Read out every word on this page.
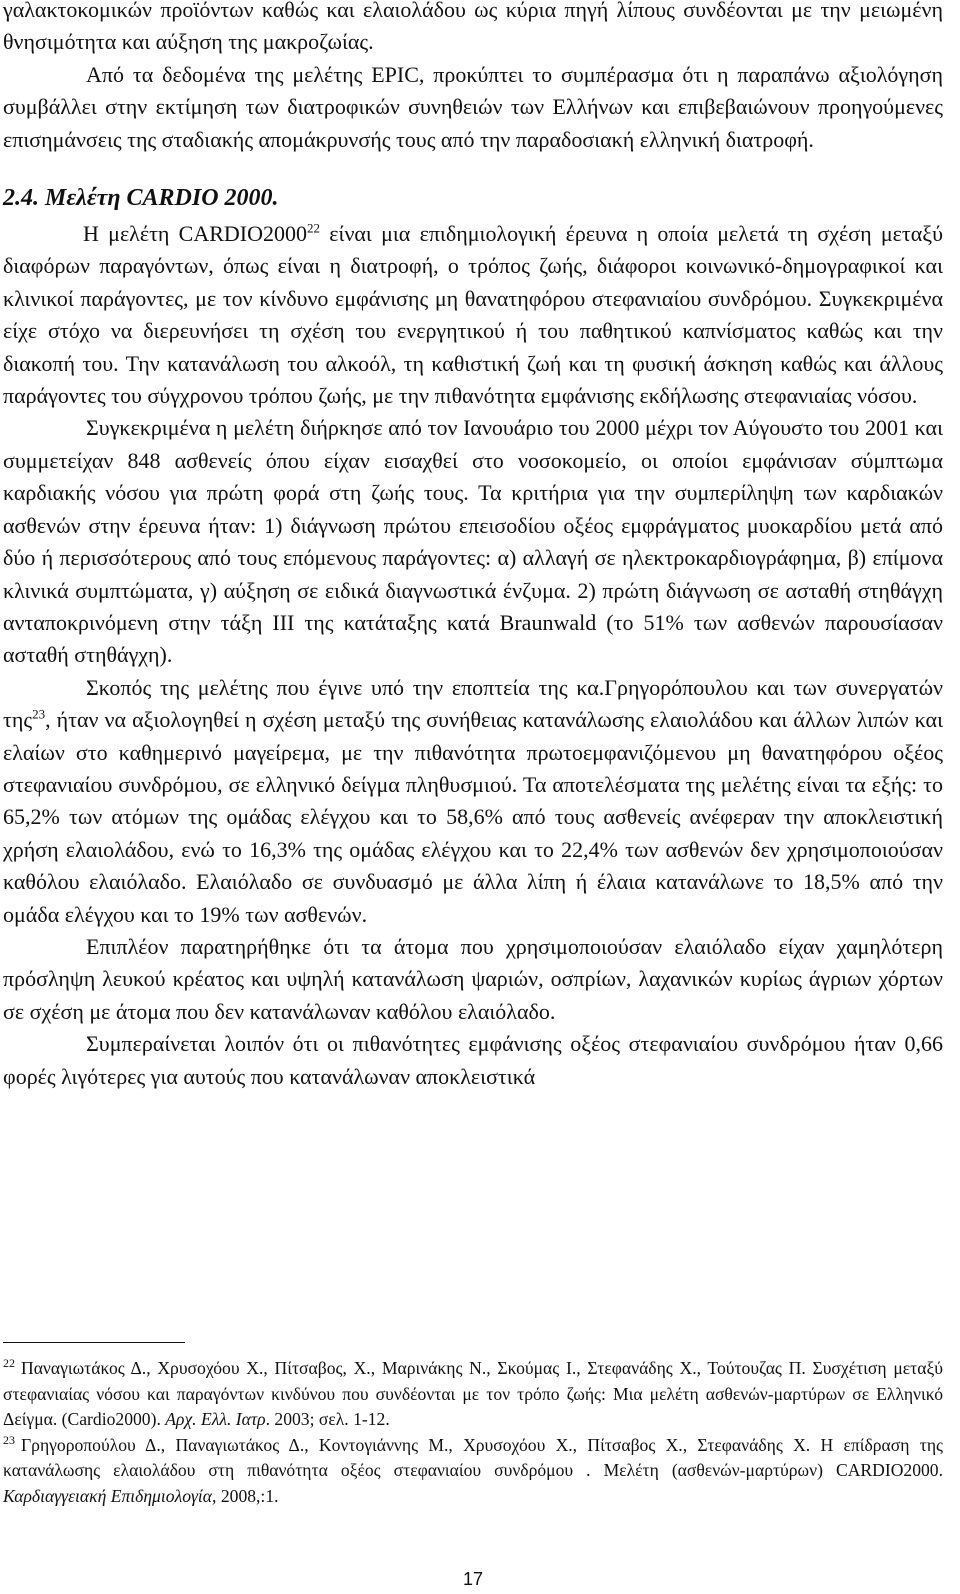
γαλακτοκομικών προϊόντων καθώς και ελαιολάδου ως κύρια πηγή λίπους συνδέονται με την μειωμένη θνησιμότητα και αύξηση της μακροζωίας.

Από τα δεδομένα της μελέτης EPIC, προκύπτει το συμπέρασμα ότι η παραπάνω αξιολόγηση συμβάλλει στην εκτίμηση των διατροφικών συνηθειών των Ελλήνων και επιβεβαιώνουν προηγούμενες επισημάνσεις της σταδιακής απομάκρυνσής τους από την παραδοσιακή ελληνική διατροφή.

2.4. Μελέτη CARDIO 2000.

Η μελέτη CARDIO2000$^{22}$ είναι μια επιδημιολογική έρευνα η οποία μελετά τη σχέση μεταξύ διαφόρων παραγόντων, όπως είναι η διατροφή, ο τρόπος ζωής, διάφοροι κοινωνικό-δημογραφικοί και κλινικοί παράγοντες, με τον κίνδυνο εμφάνισης μη θανατηφόρου στεφανιαίου συνδρόμου. Συγκεκριμένα είχε στόχο να διερευνήσει τη σχέση του ενεργητικού ή του παθητικού καπνίσματος καθώς και την διακοπή του. Την κατανάλωση του αλκοόλ, τη καθιστική ζωή και τη φυσική άσκηση καθώς και άλλους παράγοντες του σύγχρονου τρόπου ζωής, με την πιθανότητα εμφάνισης εκδήλωσης στεφανιαίας νόσου.

Συγκεκριμένα η μελέτη διήρκησε από τον Ιανουάριο του 2000 μέχρι τον Αύγουστο του 2001 και συμμετείχαν 848 ασθενείς όπου είχαν εισαχθεί στο νοσοκομείο, οι οποίοι εμφάνισαν σύμπτωμα καρδιακής νόσου για πρώτη φορά στη ζωής τους. Τα κριτήρια για την συμπερίληψη των καρδιακών ασθενών στην έρευνα ήταν: 1) διάγνωση πρώτου επεισοδίου οξέος εμφράγματος μυοκαρδίου μετά από δύο ή περισσότερους από τους επόμενους παράγοντες: α) αλλαγή σε ηλεκτροκαρδιογράφημα, β) επίμονα κλινικά συμπτώματα, γ) αύξηση σε ειδικά διαγνωστικά ένζυμα. 2) πρώτη διάγνωση σε ασταθή στηθάγχη ανταποκρινόμενη στην τάξη III της κατάταξης κατά Braunwald (το 51% των ασθενών παρουσίασαν ασταθή στηθάγχη).

Σκοπός της μελέτης που έγινε υπό την εποπτεία της κα.Γρηγορόπουλου και των συνεργατών της$^{23}$, ήταν να αξιολογηθεί η σχέση μεταξύ της συνήθειας κατανάλωσης ελαιολάδου και άλλων λιπών και ελαίων στο καθημερινό μαγείρεμα, με την πιθανότητα πρωτοεμφανιζόμενου μη θανατηφόρου οξέος στεφανιαίου συνδρόμου, σε ελληνικό δείγμα πληθυσμιού. Τα αποτελέσματα της μελέτης είναι τα εξής: το 65,2% των ατόμων της ομάδας ελέγχου και το 58,6% από τους ασθενείς ανέφεραν την αποκλειστική χρήση ελαιολάδου, ενώ το 16,3% της ομάδας ελέγχου και το 22,4% των ασθενών δεν χρησιμοποιούσαν καθόλου ελαιόλαδο. Ελαιόλαδο σε συνδυασμό με άλλα λίπη ή έλαια κατανάλωνε το 18,5% από την ομάδα ελέγχου και το 19% των ασθενών.

Επιπλέον παρατηρήθηκε ότι τα άτομα που χρησιμοποιούσαν ελαιόλαδο είχαν χαμηλότερη πρόσληψη λευκού κρέατος και υψηλή κατανάλωση ψαριών, οσπρίων, λαχανικών κυρίως άγριων χόρτων σε σχέση με άτομα που δεν κατανάλωναν καθόλου ελαιόλαδο.

Συμπεραίνεται λοιπόν ότι οι πιθανότητες εμφάνισης οξέος στεφανιαίου συνδρόμου ήταν 0,66 φορές λιγότερες για αυτούς που κατανάλωναν αποκλειστικά

$^{22}$ Παναγιωτάκος Δ., Χρυσοχόου Χ., Πίτσαβος, Χ., Μαρινάκης Ν., Σκούμας Ι., Στεφανάδης Χ., Τούτουζας Π. Συσχέτιση μεταξύ στεφανιαίας νόσου και παραγόντων κινδύνου που συνδέονται με τον τρόπο ζωής: Μια μελέτη ασθενών-μαρτύρων σε Ελληνικό Δείγμα. (Cardio2000). Αρχ. Ελλ. Ιατρ. 2003; σελ. 1-12.

$^{23}$ Γρηγοροπούλου Δ., Παναγιωτάκος Δ., Κοντογιάννης Μ., Χρυσοχόου Χ., Πίτσαβος Χ., Στεφανάδης Χ. Η επίδραση της κατανάλωσης ελαιολάδου στη πιθανότητα οξέος στεφανιαίου συνδρόμου . Μελέτη (ασθενών-μαρτύρων) CARDIO2000. Καρδιαγγειακή Επιδημιολογία, 2008,:1.

17
